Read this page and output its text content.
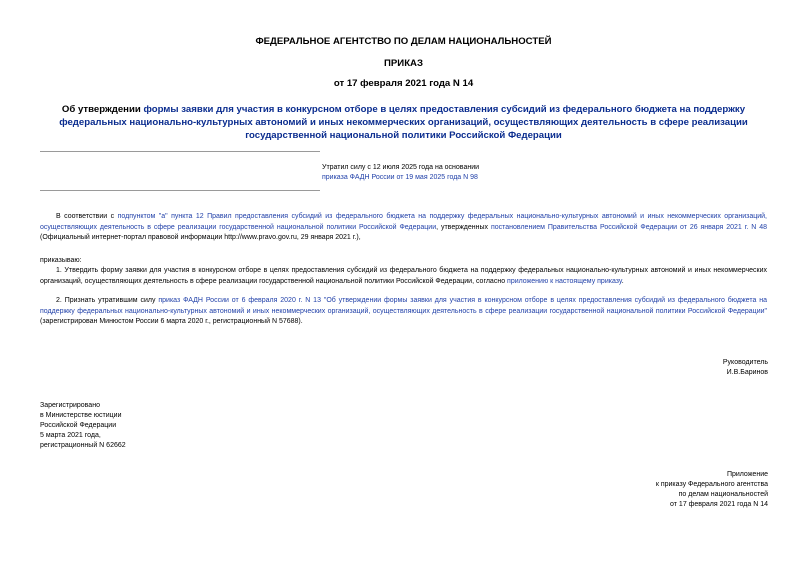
ФЕДЕРАЛЬНОЕ АГЕНТСТВО ПО ДЕЛАМ НАЦИОНАЛЬНОСТЕЙ
ПРИКАЗ
от 17 февраля 2021 года N 14
Об утверждении формы заявки для участия в конкурсном отборе в целях предоставления субсидий из федерального бюджета на поддержку федеральных национально-культурных автономий и иных некоммерческих организаций, осуществляющих деятельность в сфере реализации государственной национальной политики Российской Федерации
Утратил силу с 12 июля 2025 года на основании
приказа ФАДН России от 19 мая 2025 года N 98
В соответствии с подпунктом "а" пункта 12 Правил предоставления субсидий из федерального бюджета на поддержку федеральных национально-культурных автономий и иных некоммерческих организаций, осуществляющих деятельность в сфере реализации государственной национальной политики Российской Федерации, утвержденных постановлением Правительства Российской Федерации от 26 января 2021 г. N 48 (Официальный интернет-портал правовой информации http://www.pravo.gov.ru, 29 января 2021 г.),
приказываю:
1. Утвердить форму заявки для участия в конкурсном отборе в целях предоставления субсидий из федерального бюджета на поддержку федеральных национально-культурных автономий и иных некоммерческих организаций, осуществляющих деятельность в сфере реализации государственной национальной политики Российской Федерации, согласно приложению к настоящему приказу.
2. Признать утратившим силу приказ ФАДН России от 6 февраля 2020 г. N 13 "Об утверждении формы заявки для участия в конкурсном отборе в целях предоставления субсидий из федерального бюджета на поддержку федеральных национально-культурных автономий и иных некоммерческих организаций, осуществляющих деятельность в сфере реализации государственной национальной политики Российской Федерации" (зарегистрирован Минюстом России 6 марта 2020 г., регистрационный N 57688).
Руководитель
И.В.Баринов
Зарегистрировано
в Министерстве юстиции
Российской Федерации
5 марта 2021 года,
регистрационный N 62662
Приложение
к приказу Федерального агентства
по делам национальностей
от 17 февраля 2021 года N 14
